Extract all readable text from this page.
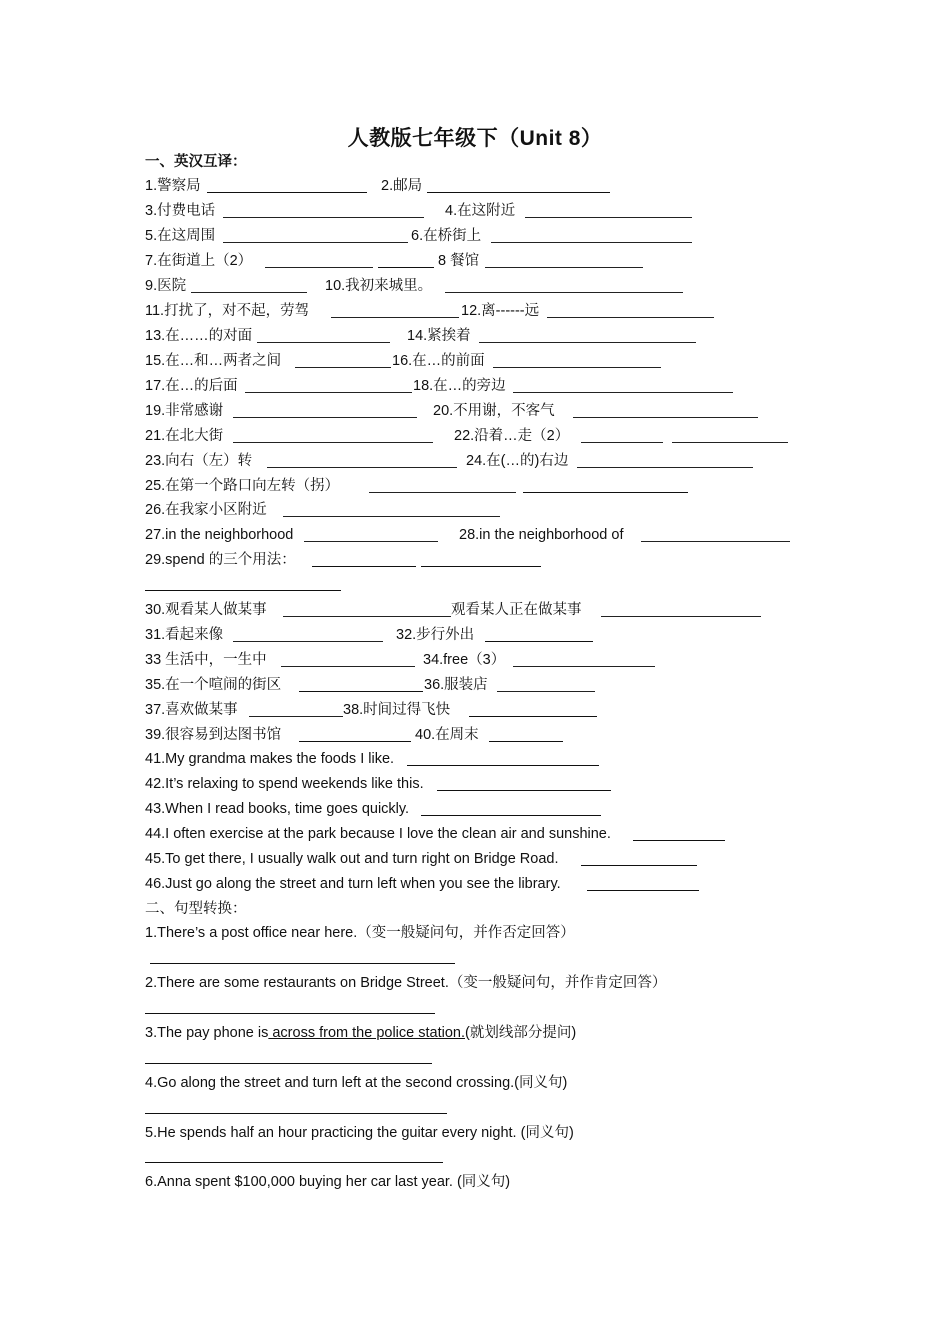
人教版七年级下（Unit 8）
一、英汉互译：
1.警察局	2.邮局
3.付费电话	4.在这附近
5.在这周围	6.在桥街上
7.在街道上（2）	8 餐馆
9.医院	10.我初来城里。
11.打扰了，对不起，劳驾	12.离------远
13.在……的对面	14.紧挨着
15.在…和…两者之间	16.在…的前面
17.在…的后面	18.在…的旁边
19.非常感谢	20.不用谢，不客气
21.在北大街	22.沿着…走（2）
23.向右（左）转	24.在(…的)右边
25.在第一个路口向左转（拐）
26.在我家小区附近
27.in the neighborhood	28.in the neighborhood of
29.spend 的三个用法：
30.观看某人做某事	观看某人正在做某事
31.看起来像	32.步行外出
33 生活中，一生中	34.free（3）
35.在一个喧闹的街区	36.服装店
37.喜欢做某事	38.时间过得飞快
39.很容易到达图书馆	40.在周末
41.My grandma makes the foods I like.
42.It’s relaxing to spend weekends like this.
43.When I read books, time goes quickly.
44.I often exercise at the park because I love the clean air and sunshine.
45.To get there, I usually walk out and turn right on Bridge Road.
46.Just go along the street and turn left when you see the library.
二、句型转换：
1.There’s a post office near here.（变一般疑问句，并作否定回答）
2.There are some restaurants on Bridge Street.（变一般疑问句，并作肯定回答）
3.The pay phone is across from the police station.(就划线部分提问)
4.Go along the street and turn left at the second crossing.(同义句)
5.He spends half an hour practicing the guitar every night. (同义句)
6.Anna spent $100,000 buying her car last year. (同义句)
